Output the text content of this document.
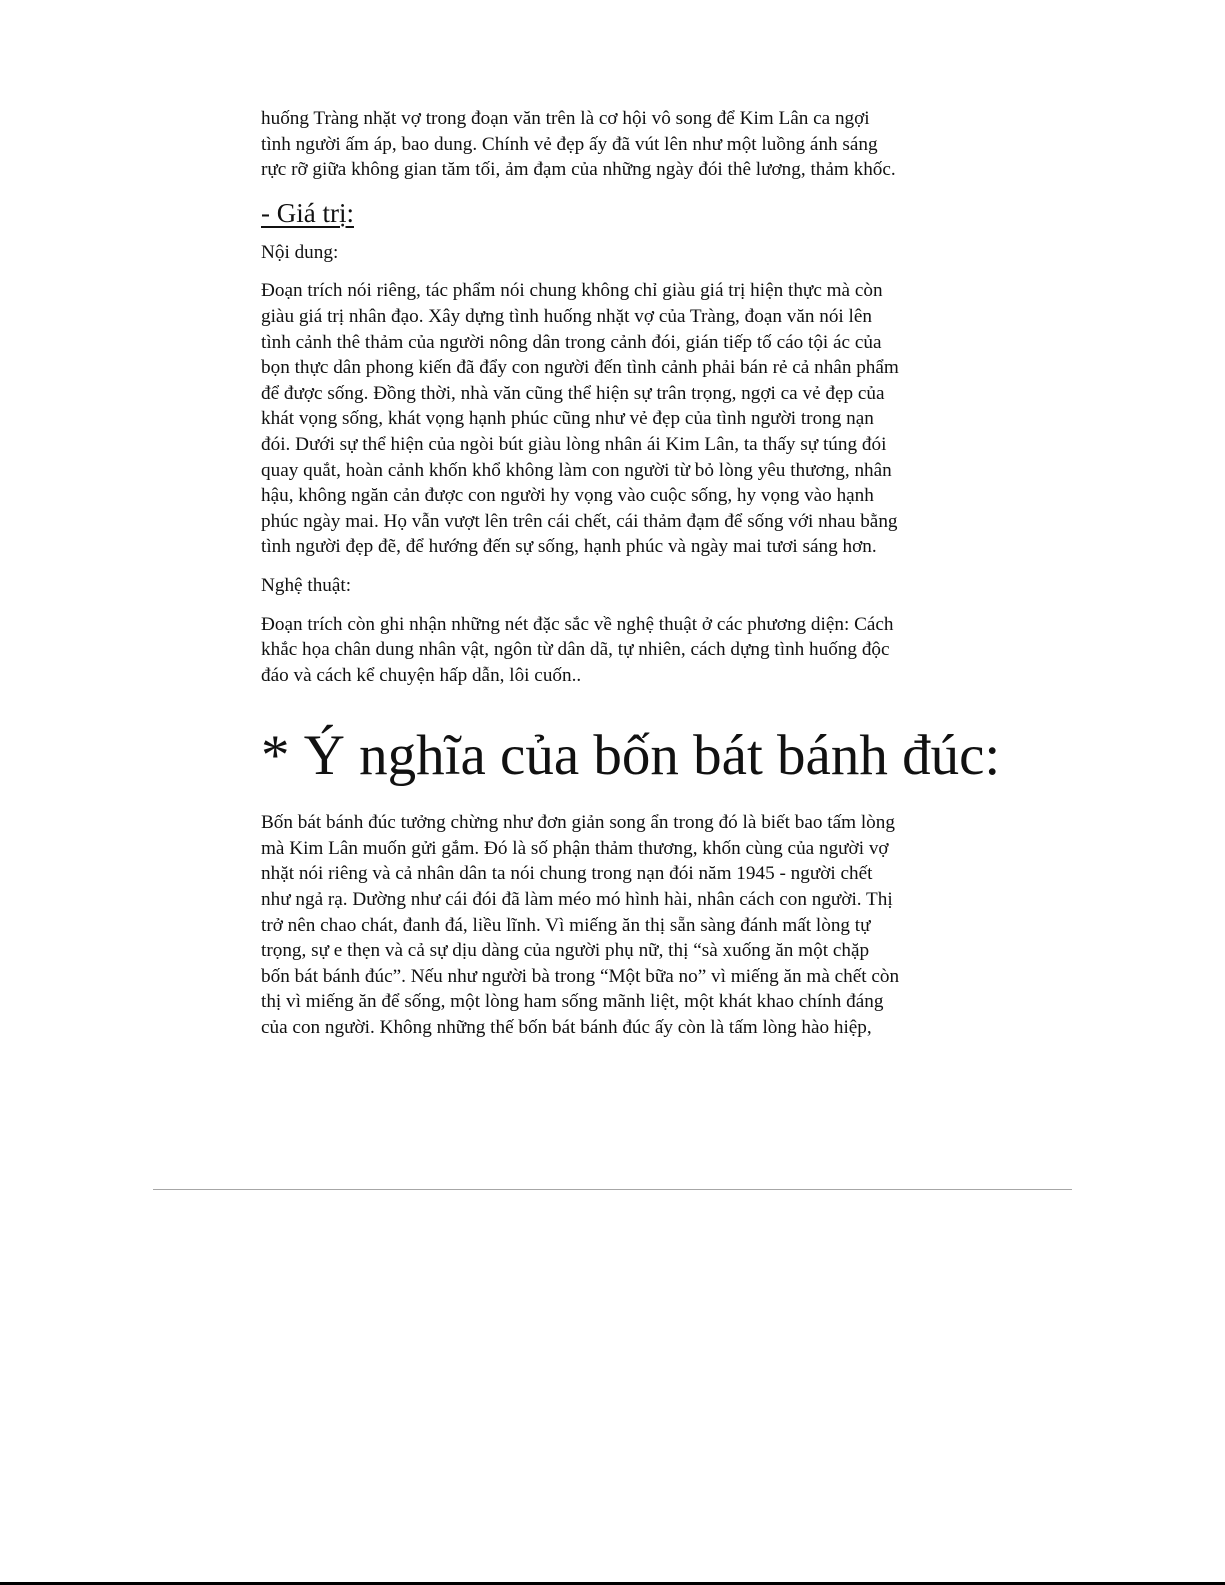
huống Tràng nhặt vợ trong đoạn văn trên là cơ hội vô song để Kim Lân ca ngợi
tình người ấm áp, bao dung. Chính vẻ đẹp ấy đã vút lên như một luồng ánh sáng
rực rỡ giữa không gian tăm tối, ảm đạm của những ngày đói thê lương, thảm khốc.

- Giá trị:

Nội dung:

Đoạn trích nói riêng, tác phẩm nói chung không chỉ giàu giá trị hiện thực mà còn
giàu giá trị nhân đạo. Xây dựng tình huống nhặt vợ của Tràng, đoạn văn nói lên
tình cảnh thê thảm của người nông dân trong cảnh đói, gián tiếp tố cáo tội ác của
bọn thực dân phong kiến đã đẩy con người đến tình cảnh phải bán rẻ cả nhân phẩm
để được sống. Đồng thời, nhà văn cũng thể hiện sự trân trọng, ngợi ca vẻ đẹp của
khát vọng sống, khát vọng hạnh phúc cũng như vẻ đẹp của tình người trong nạn
đói. Dưới sự thể hiện của ngòi bút giàu lòng nhân ái Kim Lân, ta thấy sự túng đói
quay quắt, hoàn cảnh khốn khổ không làm con người từ bỏ lòng yêu thương, nhân
hậu, không ngăn cản được con người hy vọng vào cuộc sống, hy vọng vào hạnh
phúc ngày mai. Họ vẫn vượt lên trên cái chết, cái thảm đạm để sống với nhau bằng
tình người đẹp đẽ, để hướng đến sự sống, hạnh phúc và ngày mai tươi sáng hơn.

Nghệ thuật:

Đoạn trích còn ghi nhận những nét đặc sắc về nghệ thuật ở các phương diện: Cách
khắc họa chân dung nhân vật, ngôn từ dân dã, tự nhiên, cách dựng tình huống độc
đáo và cách kể chuyện hấp dẫn, lôi cuốn..

* Ý nghĩa của bốn bát bánh đúc:

Bốn bát bánh đúc tưởng chừng như đơn giản song ẩn trong đó là biết bao tấm lòng
mà Kim Lân muốn gửi gắm. Đó là số phận thảm thương, khốn cùng của người vợ
nhặt nói riêng và cả nhân dân ta nói chung trong nạn đói năm 1945 - người chết
như ngả rạ. Dường như cái đói đã làm méo mó hình hài, nhân cách con người. Thị
trở nên chao chát, đanh đá, liều lĩnh. Vì miếng ăn thị sẵn sàng đánh mất lòng tự
trọng, sự e thẹn và cả sự dịu dàng của người phụ nữ, thị “sà xuống ăn một chặp
bốn bát bánh đúc”. Nếu như người bà trong “Một bữa no” vì miếng ăn mà chết còn
thị vì miếng ăn để sống, một lòng ham sống mãnh liệt, một khát khao chính đáng
của con người. Không những thế bốn bát bánh đúc ấy còn là tấm lòng hào hiệp,
